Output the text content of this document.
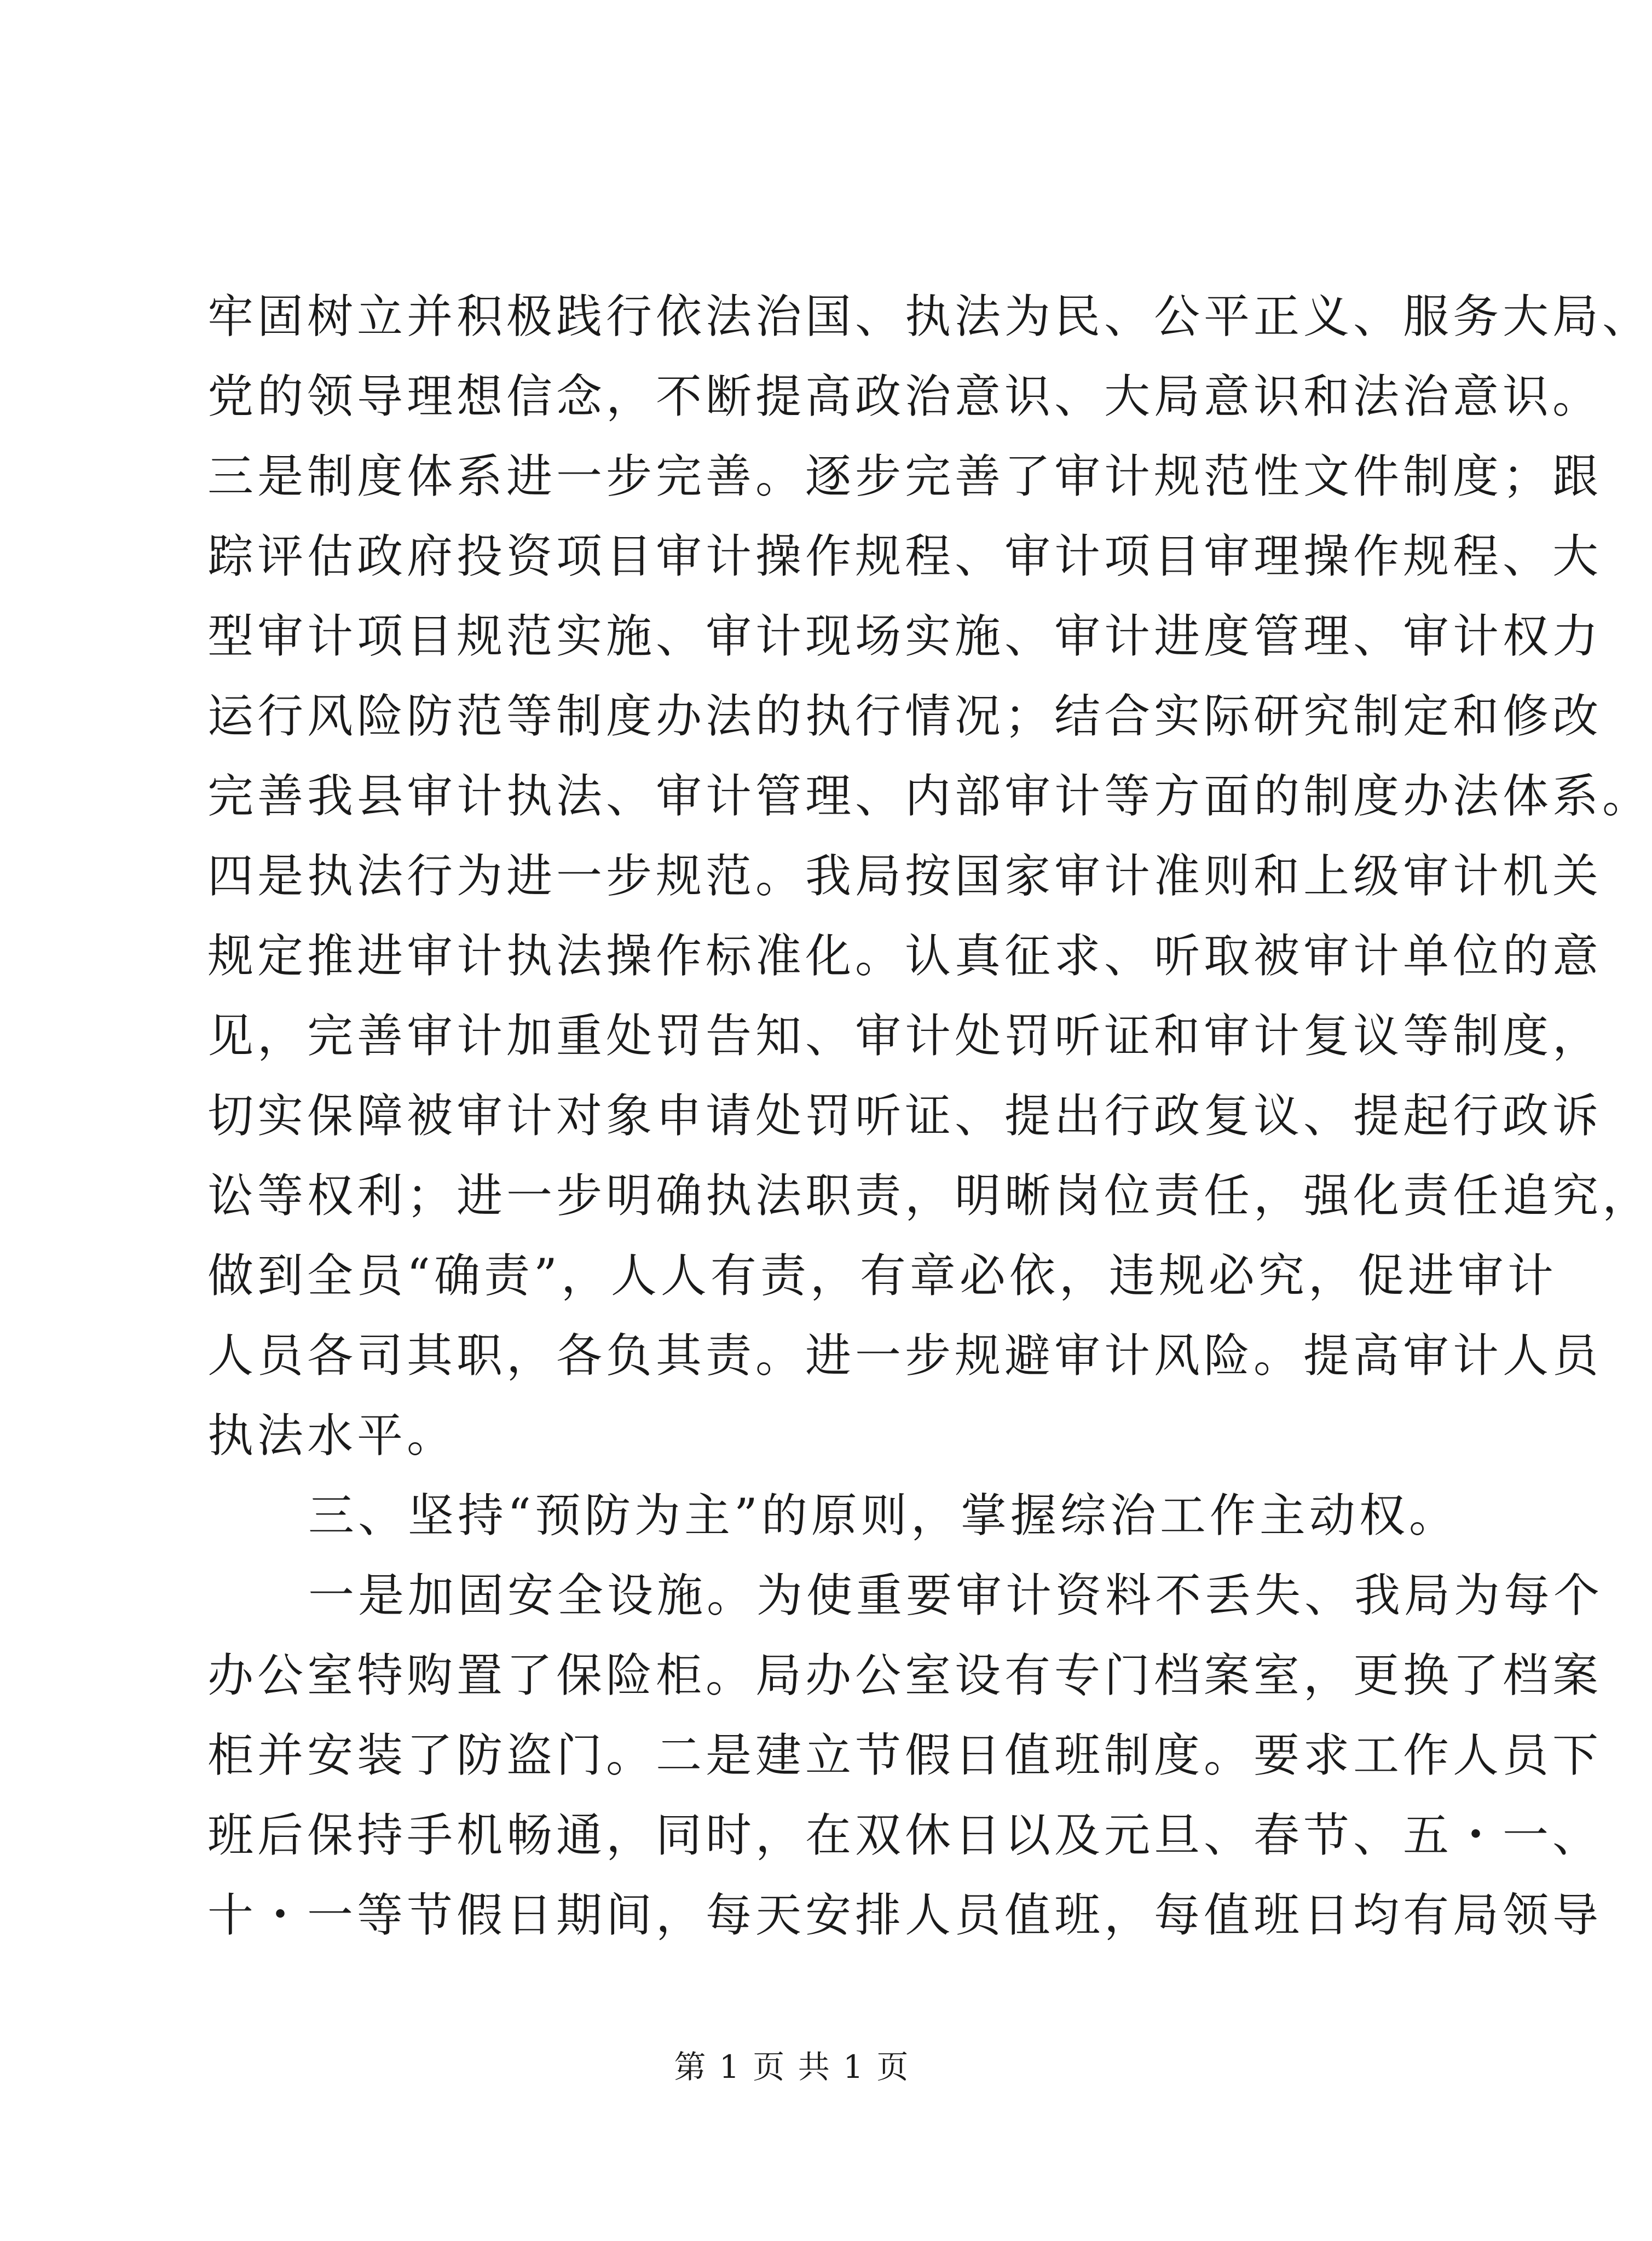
牢固树立并积极践行依法治国、执法为民、公平正义、服务大局、
党的领导理想信念，不断提高政治意识、大局意识和法治意识。
三是制度体系进一步完善。逐步完善了审计规范性文件制度；跟
踪评估政府投资项目审计操作规程、审计项目审理操作规程、大
型审计项目规范实施、审计现场实施、审计进度管理、审计权力
运行风险防范等制度办法的执行情况；结合实际研究制定和修改
完善我县审计执法、审计管理、内部审计等方面的制度办法体系。
四是执法行为进一步规范。我局按国家审计准则和上级审计机关
规定推进审计执法操作标准化。认真征求、听取被审计单位的意
见，完善审计加重处罚告知、审计处罚听证和审计复议等制度，
切实保障被审计对象申请处罚听证、提出行政复议、提起行政诉
讼等权利；进一步明确执法职责，明晰岗位责任，强化责任追究，
做到全员“确责”，人人有责，有章必依，违规必究，促进审计
人员各司其职，各负其责。进一步规避审计风险。提高审计人员
执法水平。
三、坚持“预防为主”的原则，掌握综治工作主动权。
一是加固安全设施。为使重要审计资料不丢失、我局为每个
办公室特购置了保险柜。局办公室设有专门档案室，更换了档案
柜并安装了防盗门。二是建立节假日值班制度。要求工作人员下
班后保持手机畅通，同时，在双休日以及元旦、春节、五・一、
十・一等节假日期间，每天安排人员值班，每值班日均有局领导
第 1 页 共 1 页
